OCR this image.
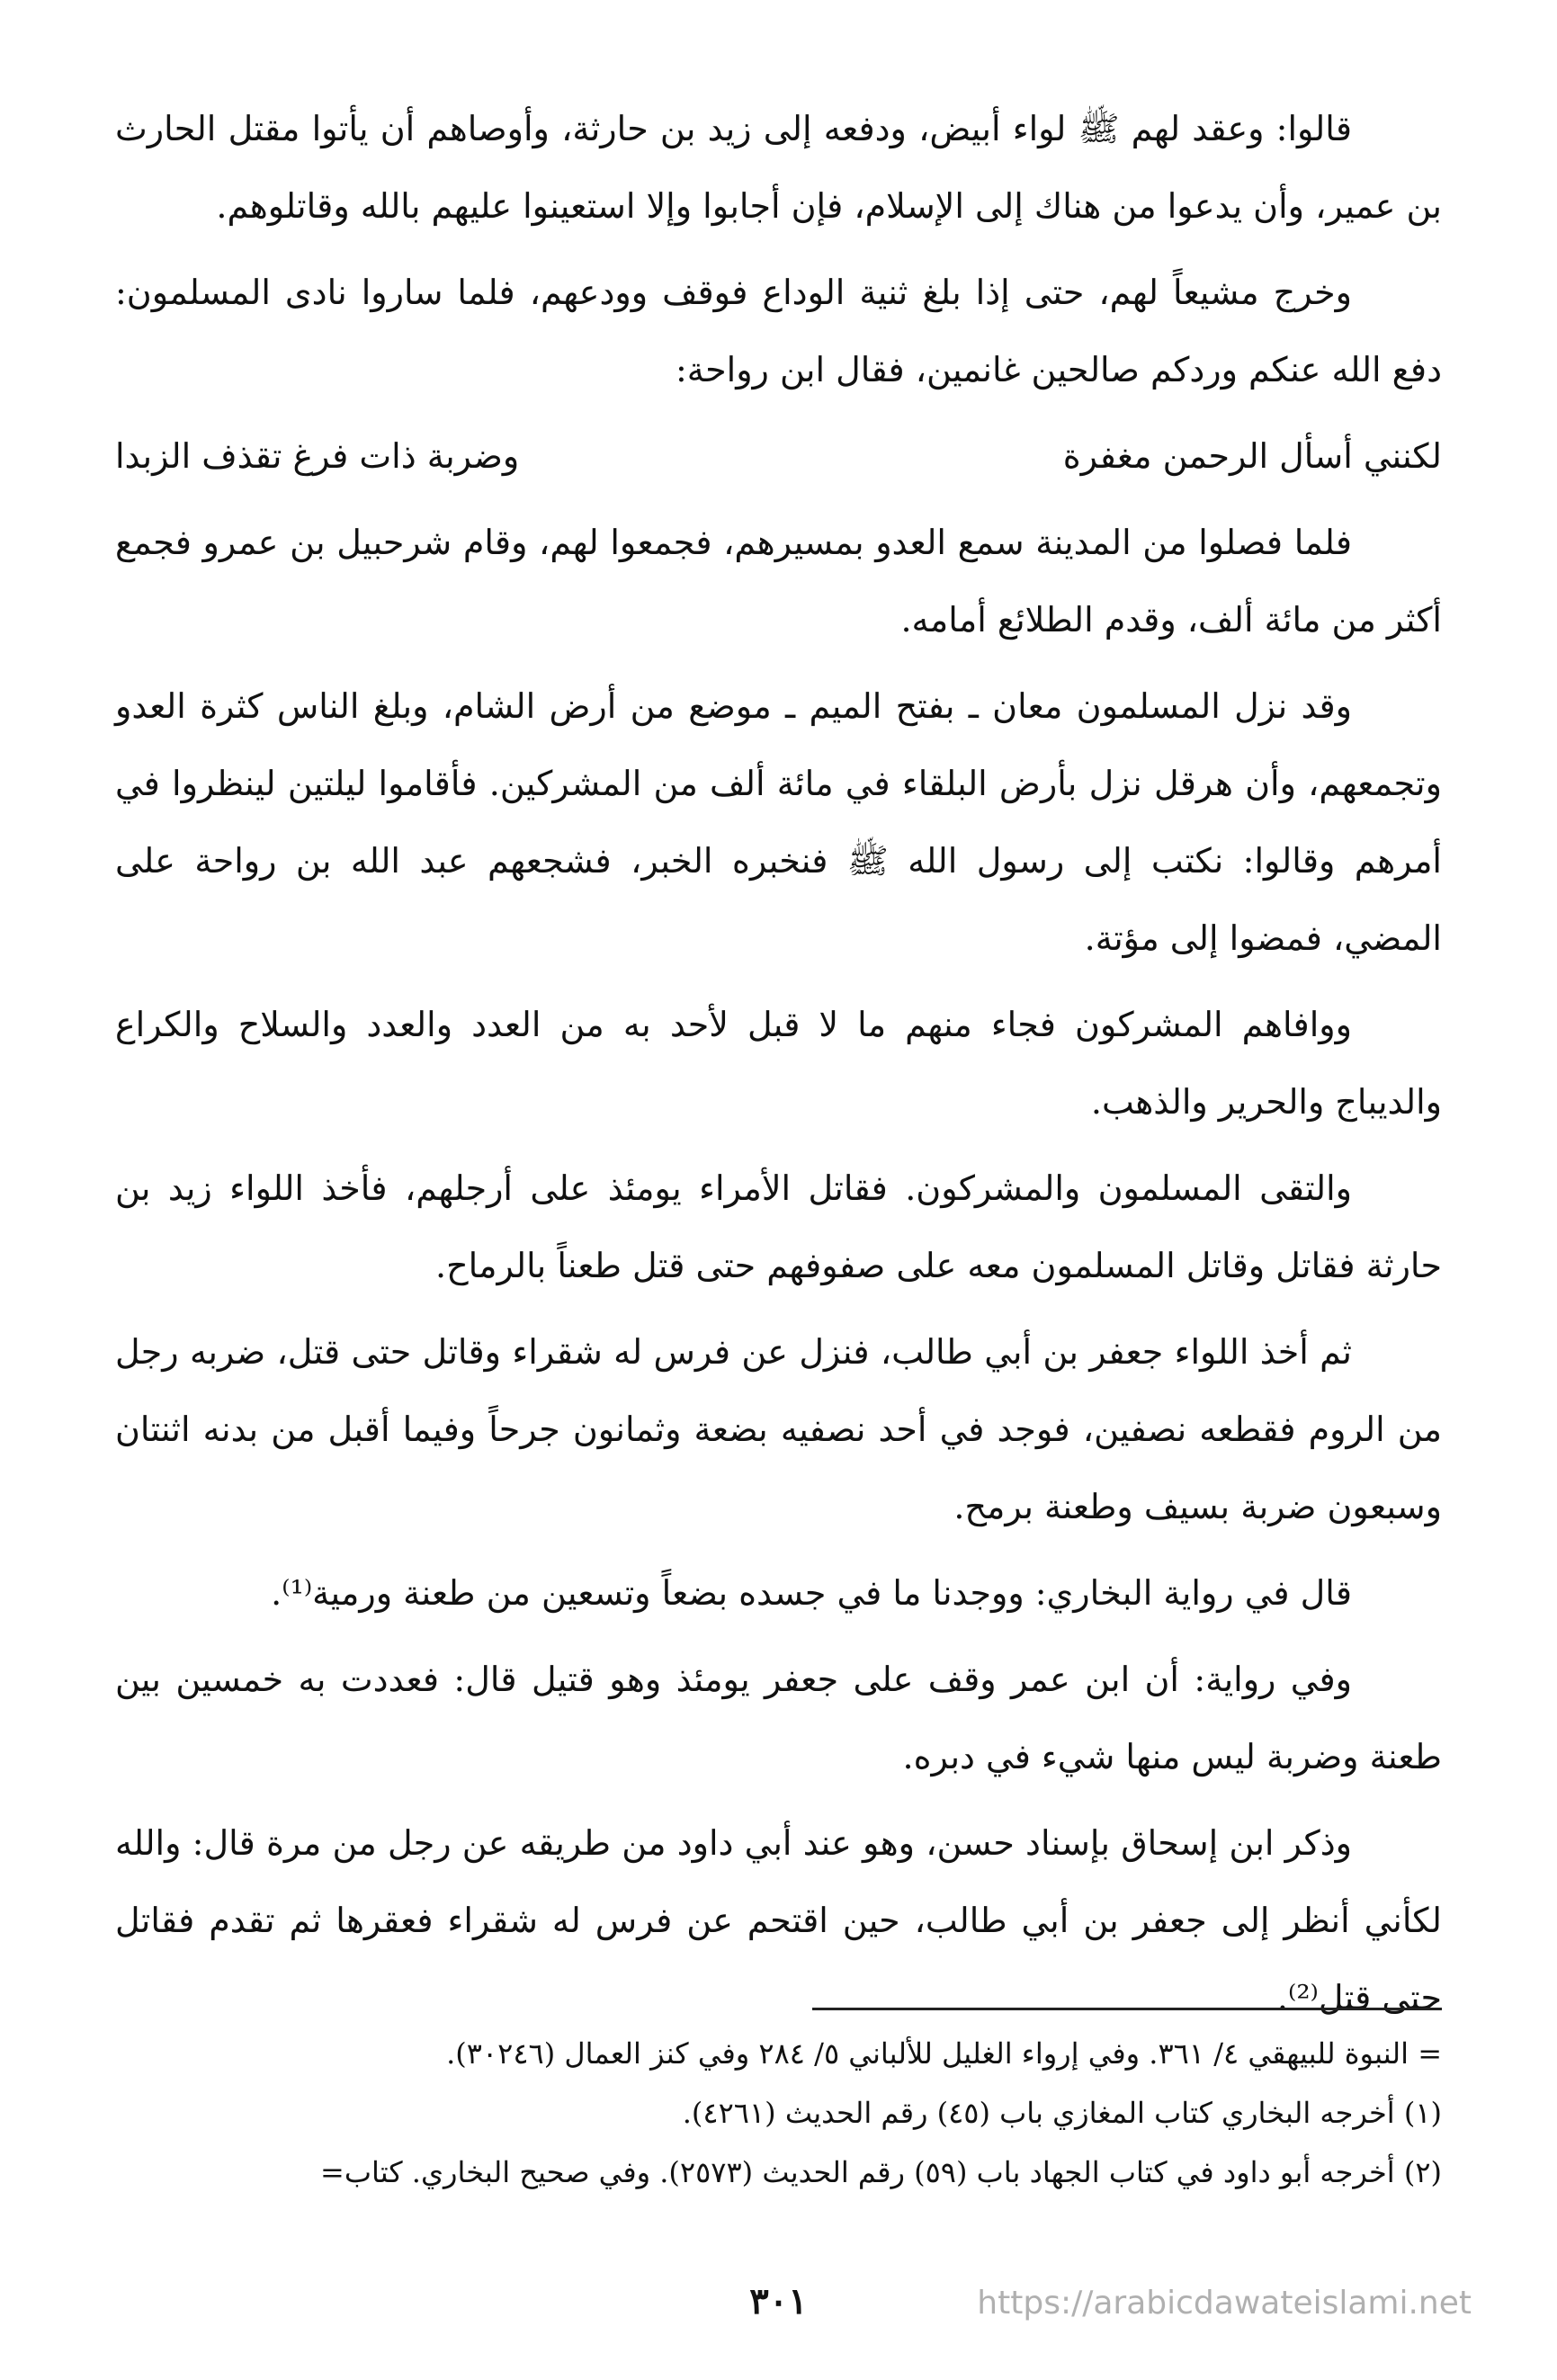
قالوا: وعقد لهم ﷺ لواء أبيض، ودفعه إلى زيد بن حارثة، وأوصاهم أن يأتوا مقتل الحارث بن عمير، وأن يدعوا من هناك إلى الإسلام، فإن أجابوا وإلا استعينوا عليهم بالله وقاتلوهم.

وخرج مشيعاً لهم، حتى إذا بلغ ثنية الوداع فوقف وودعهم، فلما ساروا نادى المسلمون: دفع الله عنكم وردكم صالحين غانمين، فقال ابن رواحة:

لكنني أسأل الرحمن مغفرة
وضربة ذات فرغ تقذف الزبدا

فلما فصلوا من المدينة سمع العدو بمسيرهم، فجمعوا لهم، وقام شرحبيل بن عمرو فجمع أكثر من مائة ألف، وقدم الطلائع أمامه.

وقد نزل المسلمون معان ـ بفتح الميم ـ موضع من أرض الشام، وبلغ الناس كثرة العدو وتجمعهم، وأن هرقل نزل بأرض البلقاء في مائة ألف من المشركين. فأقاموا ليلتين لينظروا في أمرهم وقالوا: نكتب إلى رسول الله ﷺ فنخبره الخبر، فشجعهم عبد الله بن رواحة على المضي، فمضوا إلى مؤتة.

ووافاهم المشركون فجاء منهم ما لا قبل لأحد به من العدد والعدد والسلاح والكراع والديباج والحرير والذهب.

والتقى المسلمون والمشركون. فقاتل الأمراء يومئذ على أرجلهم، فأخذ اللواء زيد بن حارثة فقاتل وقاتل المسلمون معه على صفوفهم حتى قتل طعناً بالرماح.

ثم أخذ اللواء جعفر بن أبي طالب، فنزل عن فرس له شقراء وقاتل حتى قتل، ضربه رجل من الروم فقطعه نصفين، فوجد في أحد نصفيه بضعة وثمانون جرحاً وفيما أقبل من بدنه اثنتان وسبعون ضربة بسيف وطعنة برمح.

قال في رواية البخاري: ووجدنا ما في جسده بضعاً وتسعين من طعنة ورمية⁽¹⁾.

وفي رواية: أن ابن عمر وقف على جعفر يومئذ وهو قتيل قال: فعددت به خمسين بين طعنة وضربة ليس منها شيء في دبره.

وذكر ابن إسحاق بإسناد حسن، وهو عند أبي داود من طريقه عن رجل من مرة قال: والله لكأني أنظر إلى جعفر بن أبي طالب، حين اقتحم عن فرس له شقراء فعقرها ثم تقدم فقاتل حتى قتل⁽²⁾.

= النبوة للبيهقي ٤/ ٣٦١. وفي إرواء الغليل للألباني ٥/ ٢٨٤ وفي كنز العمال (٣٠٢٤٦).
(١) أخرجه البخاري كتاب المغازي باب (٤٥) رقم الحديث (٤٢٦١).
(٢) أخرجه أبو داود في كتاب الجهاد باب (٥٩) رقم الحديث (٢٥٧٣). وفي صحيح البخاري. كتاب=
٣٠١	https://arabicdawateislami.net
